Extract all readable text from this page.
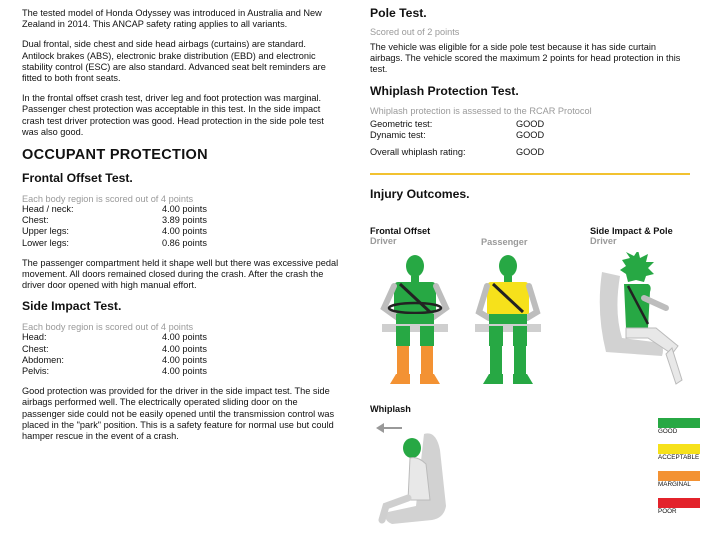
The tested model of Honda Odyssey was introduced in Australia and New Zealand in 2014. This ANCAP safety rating applies to all variants.

Dual frontal, side chest and side head airbags (curtains) are standard. Antilock brakes (ABS), electronic brake distribution (EBD) and electronic stability control (ESC) are also standard. Advanced seat belt reminders are fitted to both front seats.

In the frontal offset crash test, driver leg and foot protection was marginal. Passenger chest protection was acceptable in this test. In the side impact crash test driver protection was good. Head protection in the side pole test was also good.

OCCUPANT PROTECTION
Frontal Offset Test.
Each body region is scored out of 4 points
Head / neck:	4.00 points
Chest:	3.89 points
Upper legs:	4.00 points
Lower legs:	0.86 points

The passenger compartment held it shape well but there was excessive pedal movement. All doors remained closed during the crash. After the crash the driver door opened with high manual effort.

Side Impact Test.
Each body region is scored out of 4 points
Head:	4.00 points
Chest:	4.00 points
Abdomen:	4.00 points
Pelvis:	4.00 points

Good protection was provided for the driver in the side impact test. The side airbags performed well. The electrically operated sliding door on the passenger side could not be easily opened until the transmission control was placed in the "park" position. This is a safety feature for normal use but could hamper rescue in the event of a crash.

Pole Test.
Scored out of 2 points

The vehicle was eligible for a side pole test because it has side curtain airbags. The vehicle scored the maximum 2 points for head protection in this test.

Whiplash Protection Test.
Whiplash protection is assessed to the RCAR Protocol
Geometric test:	GOOD
Dynamic test:	GOOD
Overall whiplash rating:	GOOD
Injury Outcomes.
Frontal Offset
Driver	Passenger
Side Impact & Pole
Driver
Whiplash
GOOD
ACCEPTABLE
MARGINAL
POOR
